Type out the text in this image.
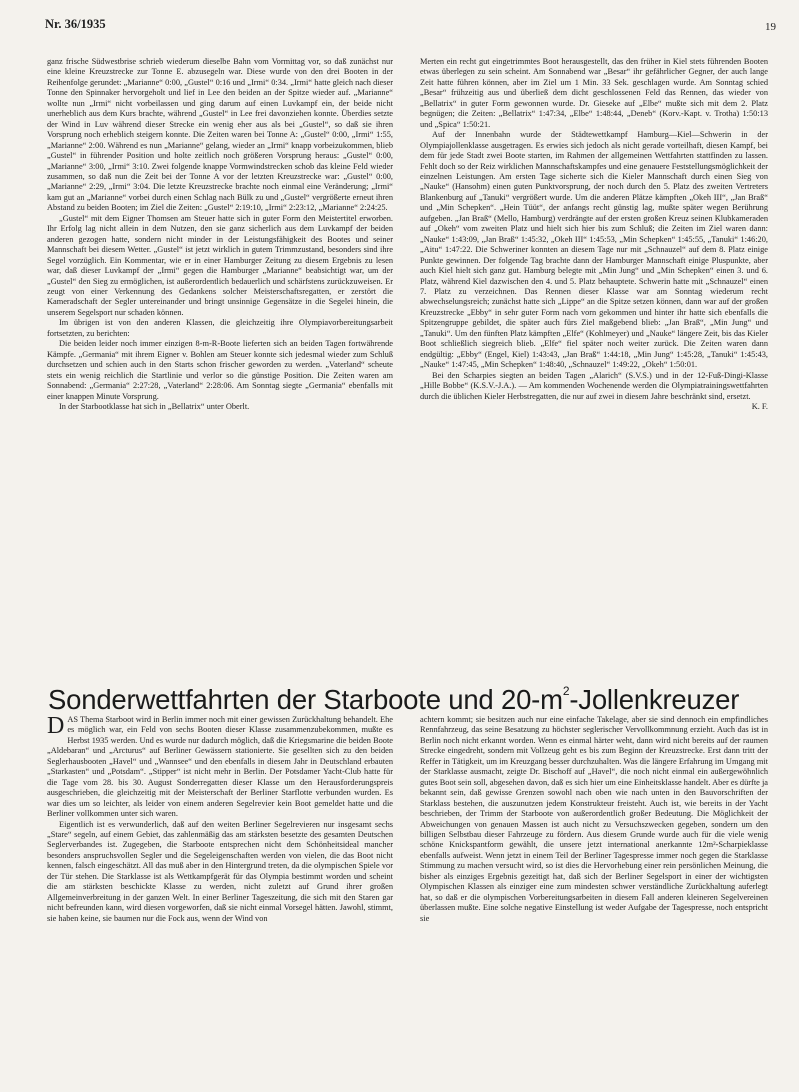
Nr. 36/1935	19

ganz frische Südwestbrise schrieb wiederum dieselbe Bahn vom Vormittag vor, so daß zunächst nur eine kleine Kreuzstrecke zur Tonne E. abzusegeln war. Diese wurde von den drei Booten in der Reihenfolge gerundet: „Marianne“ 0:00, „Gustel“ 0:16 und „Irmi“ 0:34. „Irmi“ hatte gleich nach dieser Tonne den Spinnaker hervorgeholt und lief in Lee den beiden an der Spitze wieder auf. „Marianne“ wollte nun „Irmi“ nicht vorbeilassen und ging darum auf einen Luvkampf ein, der beide nicht unerheblich aus dem Kurs brachte, während „Gustel“ in Lee frei davonziehen konnte. Überdies setzte der Wind in Luv während dieser Strecke ein wenig eher aus als bei „Gustel“, so daß sie ihren Vorsprung noch erheblich steigern konnte. Die Zeiten waren bei Tonne A: „Gustel“ 0:00, „Irmi“ 1:55, „Marianne“ 2:00. Während es nun „Marianne“ gelang, wieder an „Irmi“ knapp vorbeizukommen, blieb „Gustel“ in führender Position und holte zeitlich noch größeren Vorsprung heraus: „Gustel“ 0:00, „Marianne“ 3:00, „Irmi“ 3:10. Zwei folgende knappe Vormwindstrecken schob das kleine Feld wieder zusammen, so daß nun die Zeit bei der Tonne A vor der letzten Kreuzstrecke war: „Gustel“ 0:00, „Marianne“ 2:29, „Irmi“ 3:04. Die letzte Kreuzstrecke brachte noch einmal eine Veränderung; „Irmi“ kam gut an „Marianne“ vorbei durch einen Schlag nach Bülk zu und „Gustel“ vergrößerte erneut ihren Abstand zu beiden Booten; im Ziel die Zeiten: „Gustel“ 2:19:10, „Irmi“ 2:23:12, „Marianne“ 2:24:25.

„Gustel“ mit dem Eigner Thomsen am Steuer hatte sich in guter Form den Meistertitel erworben. Ihr Erfolg lag nicht allein in dem Nutzen, den sie ganz sicherlich aus dem Luvkampf der beiden anderen gezogen hatte, sondern nicht minder in der Leistungsfähigkeit des Bootes und seiner Mannschaft bei diesem Wetter. „Gustel“ ist jetzt wirklich in gutem Trimmzustand, besonders sind ihre Segel vorzüglich. Ein Kommentar, wie er in einer Hamburger Zeitung zu diesem Ergebnis zu lesen war, daß dieser Luvkampf der „Irmi“ gegen die Hamburger „Marianne“ beabsichtigt war, um der „Gustel“ den Sieg zu ermöglichen, ist außerordentlich bedauerlich und schärfstens zurückzuweisen. Er zeugt von einer Verkennung des Gedankens solcher Meisterschaftsregatten, er zerstört die Kameradschaft der Segler untereinander und bringt unsinnige Gegensätze in die Segelei hinein, die unserem Segelsport nur schaden können.

Im übrigen ist von den anderen Klassen, die gleichzeitig ihre Olympiavorbereitungsarbeit fortsetzten, zu berichten:

Die beiden leider noch immer einzigen 8-m-R-Boote lieferten sich an beiden Tagen fortwährende Kämpfe. „Germania“ mit ihrem Eigner v. Bohlen am Steuer konnte sich jedesmal wieder zum Schluß durchsetzen und schien auch in den Starts schon frischer geworden zu werden. „Vaterland“ scheute stets ein wenig reichlich die Startlinie und verlor so die günstige Position. Die Zeiten waren am Sonnabend: „Germania“ 2:27:28, „Vaterland“ 2:28:06. Am Sonntag siegte „Germania“ ebenfalls mit einer knappen Minute Vorsprung.

In der Starbootklasse hat sich in „Bellatrix“ unter Oberlt.

Merten ein recht gut eingetrimmtes Boot herausgestellt, das den früher in Kiel stets führenden Booten etwas überlegen zu sein scheint. Am Sonnabend war „Besar“ ihr gefährlicher Gegner, der auch lange Zeit hatte führen können, aber im Ziel um 1 Min. 33 Sek. geschlagen wurde. Am Sonntag schied „Besar“ frühzeitig aus und überließ dem dicht geschlossenen Feld das Rennen, das wieder von „Bellatrix“ in guter Form gewonnen wurde. Dr. Gieseke auf „Elbe“ mußte sich mit dem 2. Platz begnügen; die Zeiten: „Bellatrix“ 1:47:34, „Elbe“ 1:48:44, „Deneb“ (Korv.-Kapt. v. Trotha) 1:50:13 und „Spica“ 1:50:21.

Auf der Innenbahn wurde der Städtewettkampf Hamburg—Kiel—Schwerin in der Olympiajollenklasse ausgetragen. Es erwies sich jedoch als nicht gerade vorteilhaft, diesen Kampf, bei dem für jede Stadt zwei Boote starten, im Rahmen der allgemeinen Wettfahrten stattfinden zu lassen. Fehlt doch so der Reiz wirklichen Mannschaftskampfes und eine genauere Feststellungsmöglichkeit der einzelnen Leistungen. Am ersten Tage sicherte sich die Kieler Mannschaft durch einen Sieg von „Nauke“ (Hansohm) einen guten Punktvorsprung, der noch durch den 5. Platz des zweiten Vertreters Blankenburg auf „Tanuki“ vergrößert wurde. Um die anderen Plätze kämpften „Okeh III“, „Jan Braß“ und „Min Schepken“. „Hein Tüüt“, der anfangs recht günstig lag, mußte später wegen Berührung aufgeben. „Jan Braß“ (Mello, Hamburg) verdrängte auf der ersten großen Kreuz seinen Klubkameraden auf „Okeh“ vom zweiten Platz und hielt sich hier bis zum Schluß; die Zeiten im Ziel waren dann: „Nauke“ 1:43:09, „Jan Braß“ 1:45:32, „Okeh III“ 1:45:53, „Min Schepken“ 1:45:55, „Tanuki“ 1:46:20, „Aitu“ 1:47:22. Die Schweriner konnten an diesem Tage nur mit „Schnauzel“ auf dem 8. Platz einige Punkte gewinnen. Der folgende Tag brachte dann der Hamburger Mannschaft einige Pluspunkte, aber auch Kiel hielt sich ganz gut. Hamburg belegte mit „Min Jung“ und „Min Schepken“ einen 3. und 6. Platz, während Kiel dazwischen den 4. und 5. Platz behauptete. Schwerin hatte mit „Schnauzel“ einen 7. Platz zu verzeichnen. Das Rennen dieser Klasse war am Sonntag wiederum recht abwechselungsreich; zunächst hatte sich „Lippe“ an die Spitze setzen können, dann war auf der großen Kreuzstrecke „Ebby“ in sehr guter Form nach vorn gekommen und hinter ihr hatte sich ebenfalls die Spitzengruppe gebildet, die später auch fürs Ziel maßgebend blieb: „Jan Braß“, „Min Jung“ und „Tanuki“. Um den fünften Platz kämpften „Elfe“ (Kohlmeyer) und „Nauke“ längere Zeit, bis das Kieler Boot schließlich siegreich blieb. „Elfe“ fiel später noch weiter zurück. Die Zeiten waren dann endgültig: „Ebby“ (Engel, Kiel) 1:43:43, „Jan Braß“ 1:44:18, „Min Jung“ 1:45:28, „Tanuki“ 1:45:43, „Nauke“ 1:47:45, „Min Schepken“ 1:48:40, „Schnauzel“ 1:49:22, „Okeh“ 1:50:01.

Bei den Scharpies siegten an beiden Tagen „Alarich“ (S.V.S.) und in der 12-Fuß-Dingi-Klasse „Hille Bobbe“ (K.S.V.-J.A.). — Am kommenden Wochenende werden die Olympiatrainingswettfahrten durch die üblichen Kieler Herbstregatten, die nur auf zwei in diesem Jahre beschränkt sind, ersetzt.

K. F.

Sonderwettfahrten der Starboote und $20-m^2$-Jollenkreuzer

DAS Thema Starboot wird in Berlin immer noch mit einer gewissen Zurückhaltung behandelt. Ehe es möglich war, ein Feld von sechs Booten dieser Klasse zusammenzubekommen, mußte es Herbst 1935 werden. Und es wurde nur dadurch möglich, daß die Kriegsmarine die beiden Boote „Aldebaran“ und „Arcturus“ auf Berliner Gewässern stationierte. Sie gesellten sich zu den beiden Seglerhausbooten „Havel“ und „Wannsee“ und den ebenfalls in diesem Jahr in Deutschland erbauten „Starkasten“ und „Potsdam“. „Stipper“ ist nicht mehr in Berlin. Der Potsdamer Yacht-Club hatte für die Tage vom 28. bis 30. August Sonderregatten dieser Klasse um den Herausforderungspreis ausgeschrieben, die gleichzeitig mit der Meisterschaft der Berliner Starflotte verbunden wurden. Es war dies um so leichter, als leider von einem anderen Segelrevier kein Boot gemeldet hatte und die Berliner vollkommen unter sich waren.

Eigentlich ist es verwunderlich, daß auf den weiten Berliner Segelrevieren nur insgesamt sechs „Stare“ segeln, auf einem Gebiet, das zahlenmäßig das am stärksten besetzte des gesamten Deutschen Seglerverbandes ist. Zugegeben, die Starboote entsprechen nicht dem Schönheitsideal mancher besonders anspruchsvollen Segler und die Segeleigenschaften werden von vielen, die das Boot nicht kennen, falsch eingeschätzt. All das muß aber in den Hintergrund treten, da die olympischen Spiele vor der Tür stehen. Die Starklasse ist als Wettkampfgerät für das Olympia bestimmt worden und scheint die am stärksten beschickte Klasse zu werden, nicht zuletzt auf Grund ihrer großen Allgemeinverbreitung in der ganzen Welt. In einer Berliner Tageszeitung, die sich mit den Staren gar nicht befreunden kann, wird diesen vorgeworfen, daß sie nicht einmal Vorsegel hätten. Jawohl, stimmt, sie haben keine, sie baumen nur die Fock aus, wenn der Wind von

achtern kommt; sie besitzen auch nur eine einfache Takelage, aber sie sind dennoch ein empfindliches Rennfahrzeug, das seine Besatzung zu höchster seglerischer Vervollkommnung erzieht. Auch das ist in Berlin noch nicht erkannt worden. Wenn es einmal härter weht, dann wird nicht bereits auf der raumen Strecke eingedreht, sondern mit Vollzeug geht es bis zum Beginn der Kreuzstrecke. Erst dann tritt der Reffer in Tätigkeit, um im Kreuzgang besser durchzuhalten. Was die längere Erfahrung im Umgang mit der Starklasse ausmacht, zeigte Dr. Bischoff auf „Havel“, die noch nicht einmal ein außergewöhnlich gutes Boot sein soll, abgesehen davon, daß es sich hier um eine Einheitsklasse handelt. Aber es dürfte ja bekannt sein, daß gewisse Grenzen sowohl nach oben wie nach unten in den Bauvorschriften der Starklass bestehen, die auszunutzen jedem Konstrukteur freisteht. Auch ist, wie bereits in der Yacht beschrieben, der Trimm der Starboote von außerordentlich großer Bedeutung. Die Möglichkeit der Abweichungen von genauen Massen ist auch nicht zu Versuchszwecken gegeben, sondern um den billigen Selbstbau dieser Fahrzeuge zu fördern. Aus diesem Grunde wurde auch für die viele wenig schöne Knickspantform gewählt, die unsere jetzt international anerkannte 12m²-Scharpieklasse ebenfalls aufweist. Wenn jetzt in einem Teil der Berliner Tagespresse immer noch gegen die Starklasse Stimmung zu machen versucht wird, so ist dies die Hervorhebung einer rein persönlichen Meinung, die bisher als einziges Ergebnis gezeitigt hat, daß sich der Berliner Segelsport in einer der wichtigsten Olympischen Klassen als einziger eine zum mindesten schwer verständliche Zurückhaltung auferlegt hat, so daß er die olympischen Vorbereitungsarbeiten in diesem Fall anderen kleineren Segelvereinen überlassen mußte. Eine solche negative Einstellung ist weder Aufgabe der Tagespresse, noch entspricht sie
